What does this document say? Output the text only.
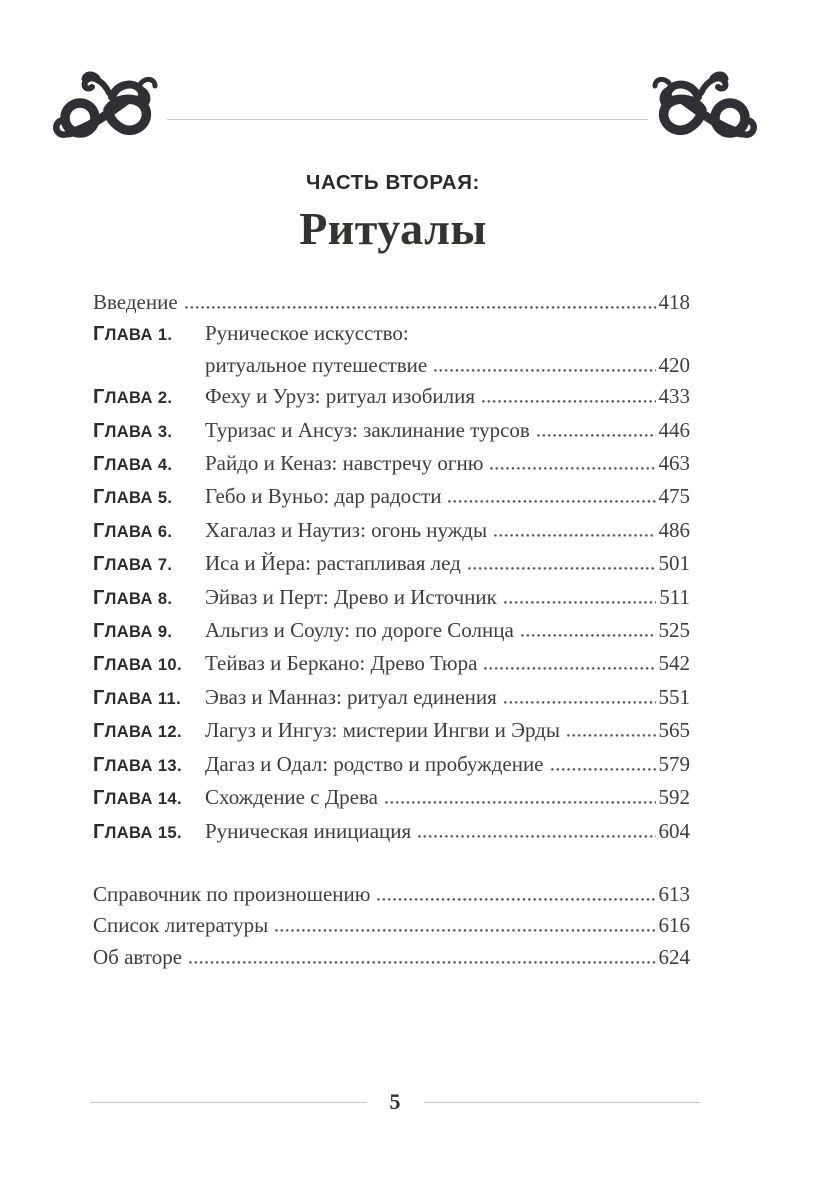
ЧАСТЬ ВТОРАЯ:
Ритуалы
Введение	418
ГЛАВА 1.	Руническое искусство:
ритуальное путешествие	420
ГЛАВА 2.	Феху и Уруз: ритуал изобилия	433
ГЛАВА 3.	Туризас и Ансуз: заклинание турсов	446
ГЛАВА 4.	Райдо и Кеназ: навстречу огню	463
ГЛАВА 5.	Гебо и Вуньо: дар радости	475
ГЛАВА 6.	Хагалаз и Наутиз: огонь нужды	486
ГЛАВА 7.	Иса и Йера: растапливая лед	501
ГЛАВА 8.	Эйваз и Перт: Древо и Источник	511
ГЛАВА 9.	Альгиз и Соулу: по дороге Солнца	525
ГЛАВА 10.	Тейваз и Беркано: Древо Тюра	542
ГЛАВА 11.	Эваз и Манназ: ритуал единения	551
ГЛАВА 12.	Лагуз и Ингуз: мистерии Ингви и Эрды	565
ГЛАВА 13.	Дагаз и Одал: родство и пробуждение	579
ГЛАВА 14.	Схождение с Древа	592
ГЛАВА 15.	Руническая инициация	604
Справочник по произношению	613
Список литературы	616
Об авторе	624
5
